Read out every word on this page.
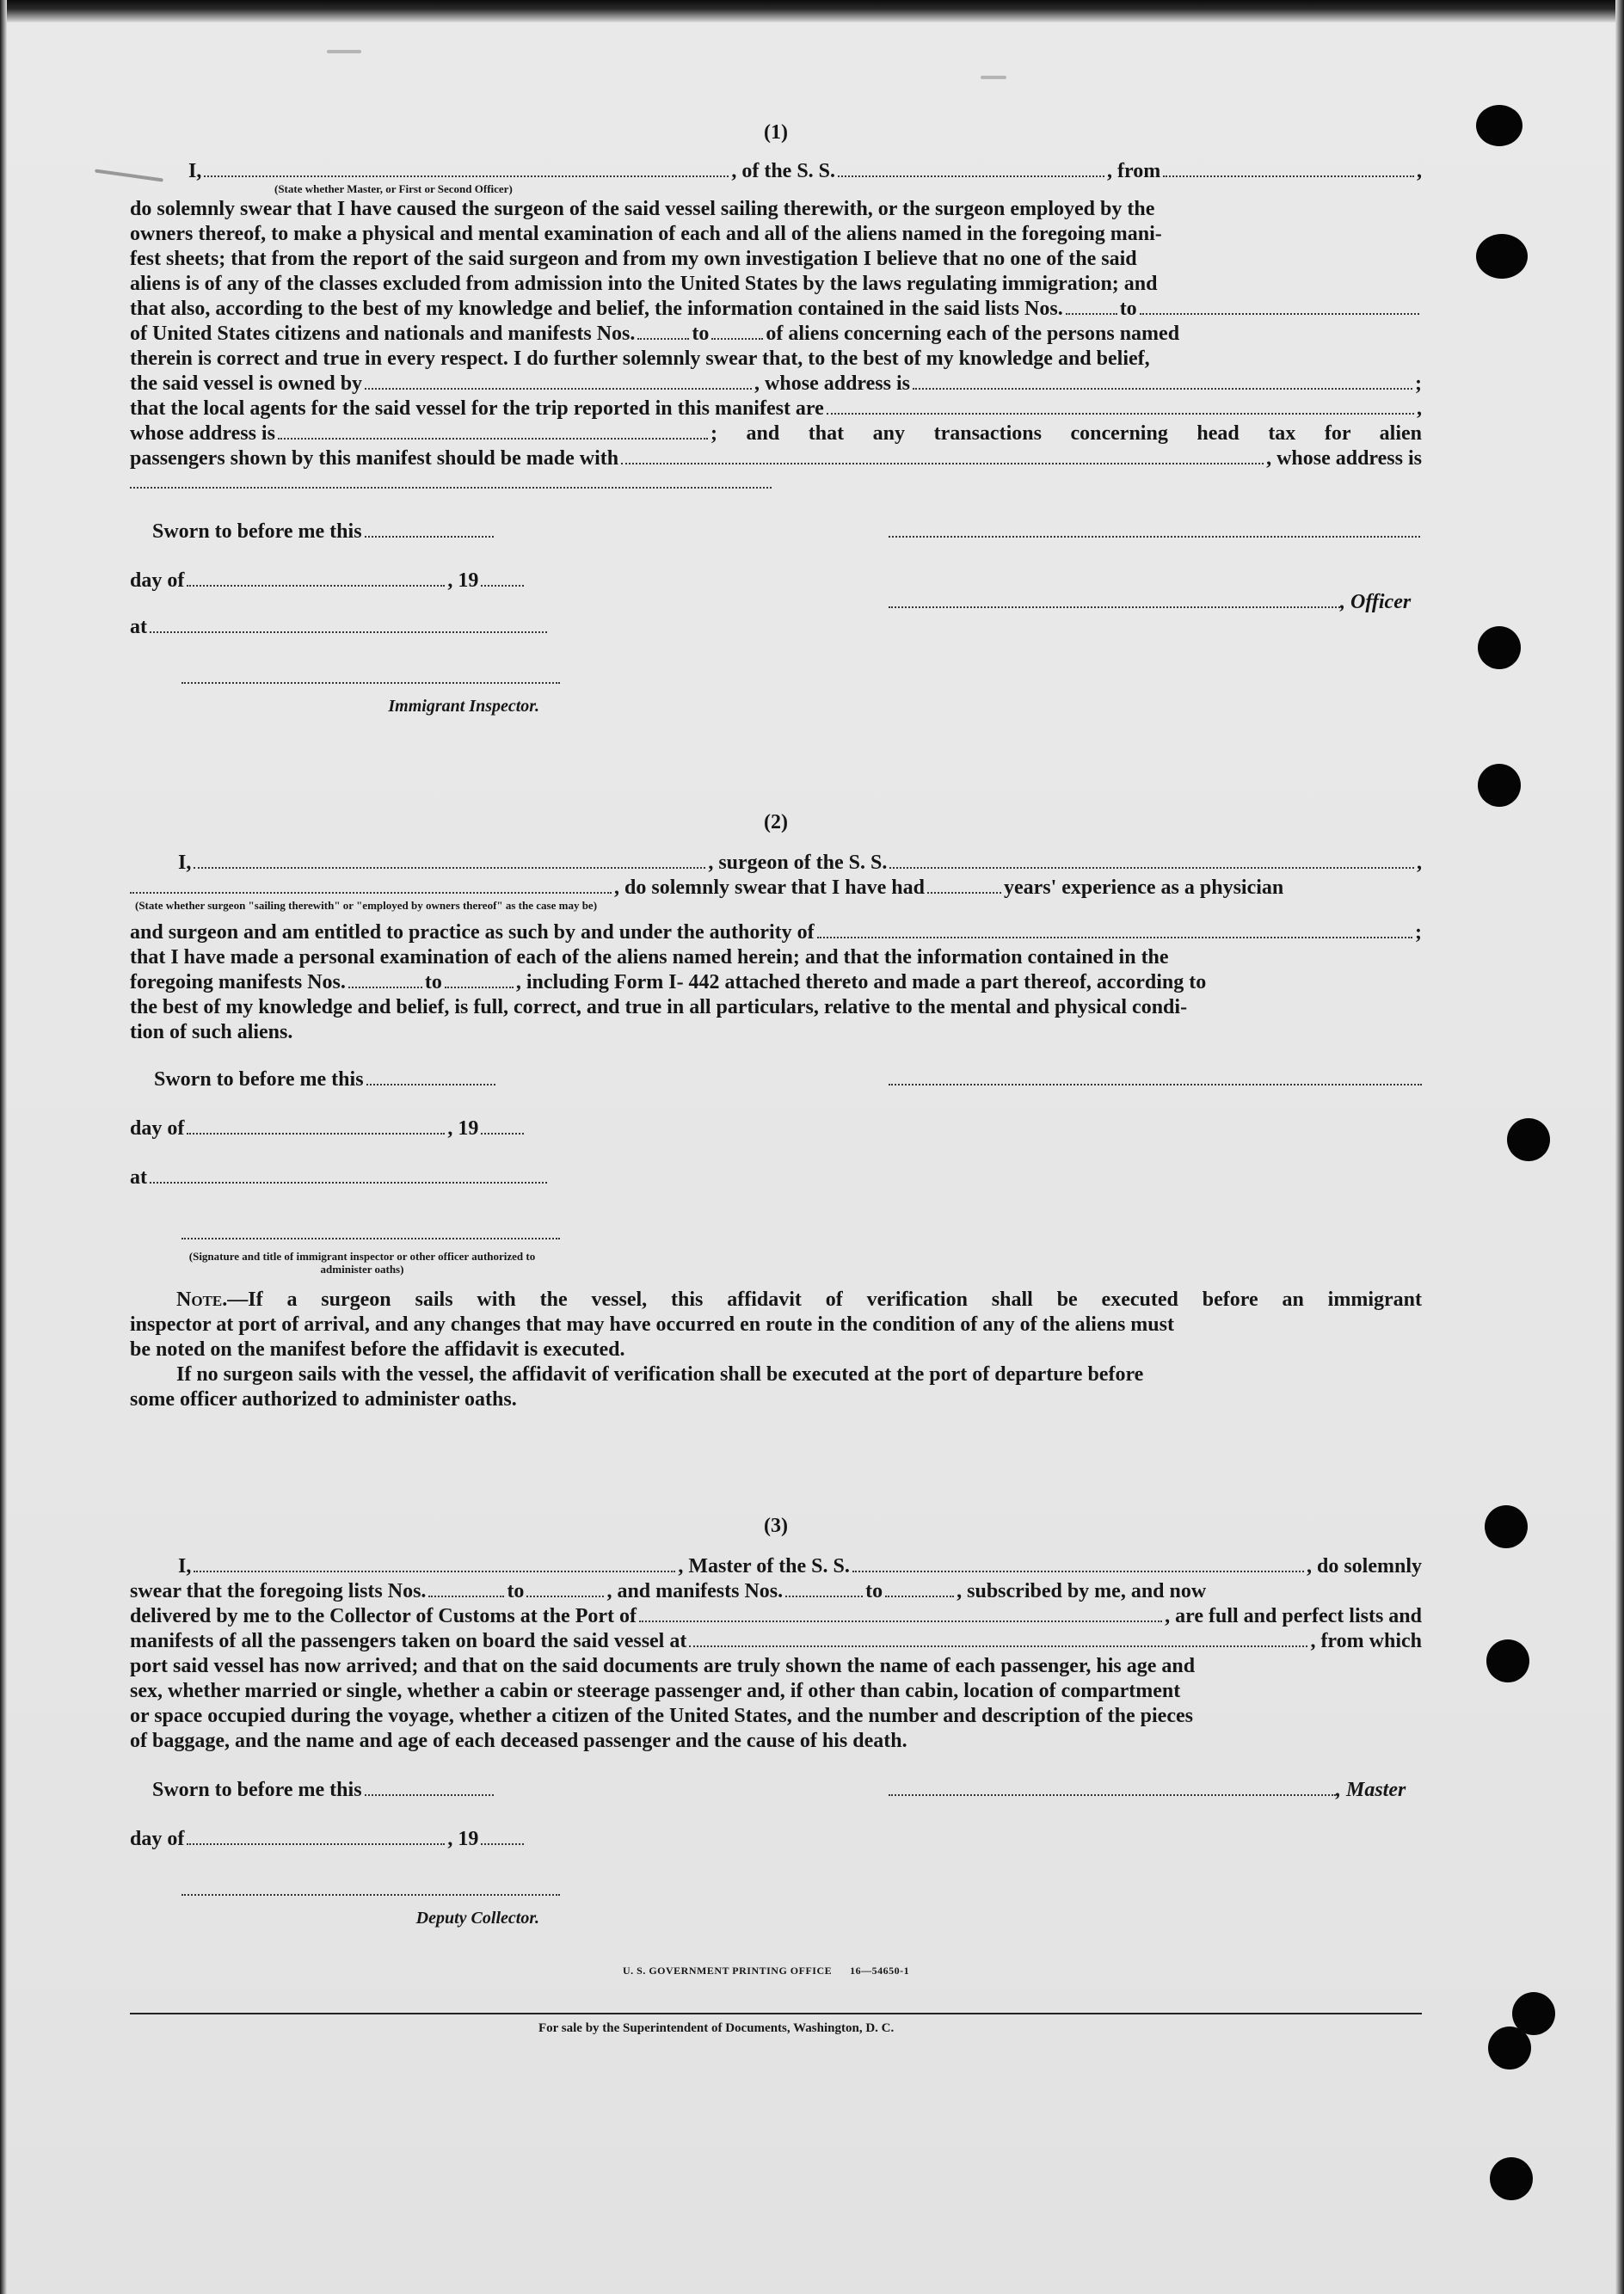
(1)
I,	, of the S. S.	, from	,
(State whether Master, or First or Second Officer)
do solemnly swear that I have caused the surgeon of the said vessel sailing therewith, or the surgeon employed by the
owners thereof, to make a physical and mental examination of each and all of the aliens named in the foregoing mani-
fest sheets; that from the report of the said surgeon and from my own investigation I believe that no one of the said
aliens is of any of the classes excluded from admission into the United States by the laws regulating immigration; and
that also, according to the best of my knowledge and belief, the information contained in the said lists Nos.	to
of United States citizens and nationals and manifests Nos.	to	of aliens concerning each of the persons named
therein is correct and true in every respect. I do further solemnly swear that, to the best of my knowledge and belief,
the said vessel is owned by	, whose address is	;
that the local agents for the said vessel for the trip reported in this manifest are	,
whose address is	; and that any transactions concerning head tax for alien
passengers shown by this manifest should be made with	, whose address is
Sworn to before me this
day of	, 19
, Officer
at
Immigrant Inspector.
(2)
I,	, surgeon of the S. S.	,
, do solemnly swear that I have had	years' experience as a physician
(State whether surgeon "sailing therewith" or "employed by owners thereof" as the case may be)
and surgeon and am entitled to practice as such by and under the authority of	;
that I have made a personal examination of each of the aliens named herein; and that the information contained in the
foregoing manifests Nos.	to	, including Form I- 442 attached thereto and made a part thereof, according to
the best of my knowledge and belief, is full, correct, and true in all particulars, relative to the mental and physical condi-
tion of such aliens.
Sworn to before me this
day of	, 19
at
(Signature and title of immigrant inspector or other officer authorized to administer oaths)
Note.—If a surgeon sails with the vessel, this affidavit of verification shall be executed before an immigrant
inspector at port of arrival, and any changes that may have occurred en route in the condition of any of the aliens must
be noted on the manifest before the affidavit is executed.
If no surgeon sails with the vessel, the affidavit of verification shall be executed at the port of departure before
some officer authorized to administer oaths.
(3)
I,	, Master of the S. S.	, do solemnly
swear that the foregoing lists Nos.	to	, and manifests Nos.	to	, subscribed by me, and now
delivered by me to the Collector of Customs at the Port of	, are full and perfect lists and
manifests of all the passengers taken on board the said vessel at	, from which
port said vessel has now arrived; and that on the said documents are truly shown the name of each passenger, his age and
sex, whether married or single, whether a cabin or steerage passenger and, if other than cabin, location of compartment
or space occupied during the voyage, whether a citizen of the United States, and the number and description of the pieces
of baggage, and the name and age of each deceased passenger and the cause of his death.
Sworn to before me this	, Master
day of	, 19
Deputy Collector.
U. S. GOVERNMENT PRINTING OFFICE      16—54650-1
For sale by the Superintendent of Documents, Washington, D. C.
